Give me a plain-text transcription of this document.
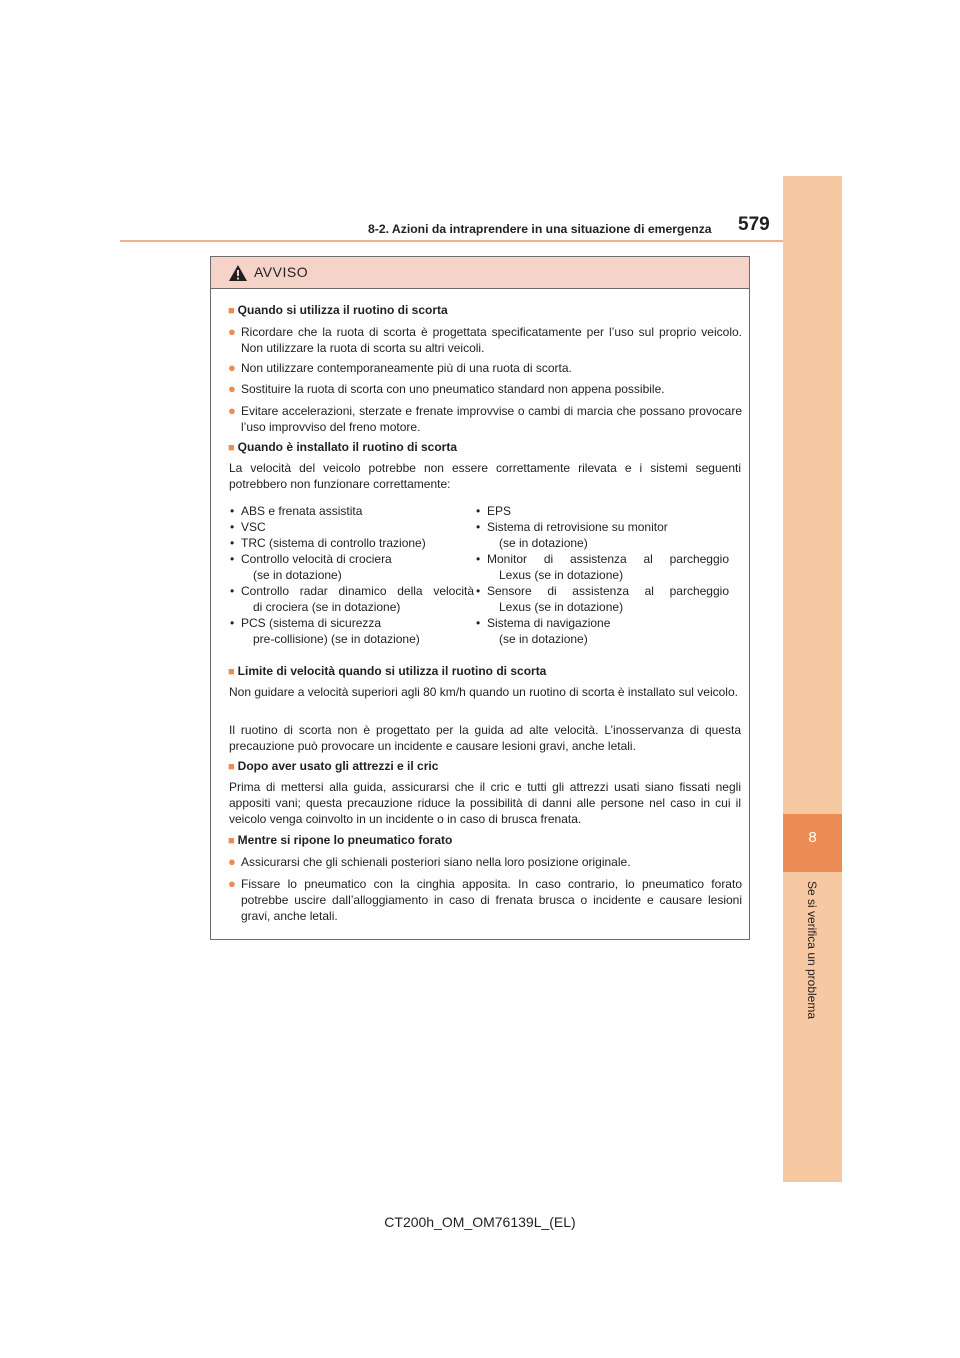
8
Se si verifica un problema
8-2. Azioni da intraprendere in una situazione di emergenza 579
AVVISO
■ Quando si utilizza il ruotino di scorta
● Ricordare che la ruota di scorta è progettata specificatamente per l’uso sul proprio veicolo. Non utilizzare la ruota di scorta su altri veicoli.
● Non utilizzare contemporaneamente più di una ruota di scorta.
● Sostituire la ruota di scorta con uno pneumatico standard non appena possibile.
● Evitare accelerazioni, sterzate e frenate improvvise o cambi di marcia che possano provocare l’uso improvviso del freno motore.
■ Quando è installato il ruotino di scorta
La velocità del veicolo potrebbe non essere correttamente rilevata e i sistemi seguenti potrebbero non funzionare correttamente:
• ABS e frenata assistita
• VSC
• TRC (sistema di controllo trazione)
• Controllo velocità di crociera
(se in dotazione)
• Controllo radar dinamico della velocità
di crociera (se in dotazione)
• PCS (sistema di sicurezza
pre-collisione) (se in dotazione)
• EPS
• Sistema di retrovisione su monitor
(se in dotazione)
• Monitor di assistenza al parcheggio
Lexus (se in dotazione)
• Sensore di assistenza al parcheggio
Lexus (se in dotazione)
• Sistema di navigazione
(se in dotazione)
■ Limite di velocità quando si utilizza il ruotino di scorta
Non guidare a velocità superiori agli 80 km/h quando un ruotino di scorta è installato sul veicolo.
Il ruotino di scorta non è progettato per la guida ad alte velocità. L’inosservanza di questa precauzione può provocare un incidente e causare lesioni gravi, anche letali.
■ Dopo aver usato gli attrezzi e il cric
Prima di mettersi alla guida, assicurarsi che il cric e tutti gli attrezzi usati siano fissati negli appositi vani; questa precauzione riduce la possibilità di danni alle persone nel caso in cui il veicolo venga coinvolto in un incidente o in caso di brusca frenata.
■ Mentre si ripone lo pneumatico forato
● Assicurarsi che gli schienali posteriori siano nella loro posizione originale.
● Fissare lo pneumatico con la cinghia apposita. In caso contrario, lo pneumatico forato potrebbe uscire dall’alloggiamento in caso di frenata brusca o incidente e causare lesioni gravi, anche letali.
CT200h_OM_OM76139L_(EL)
